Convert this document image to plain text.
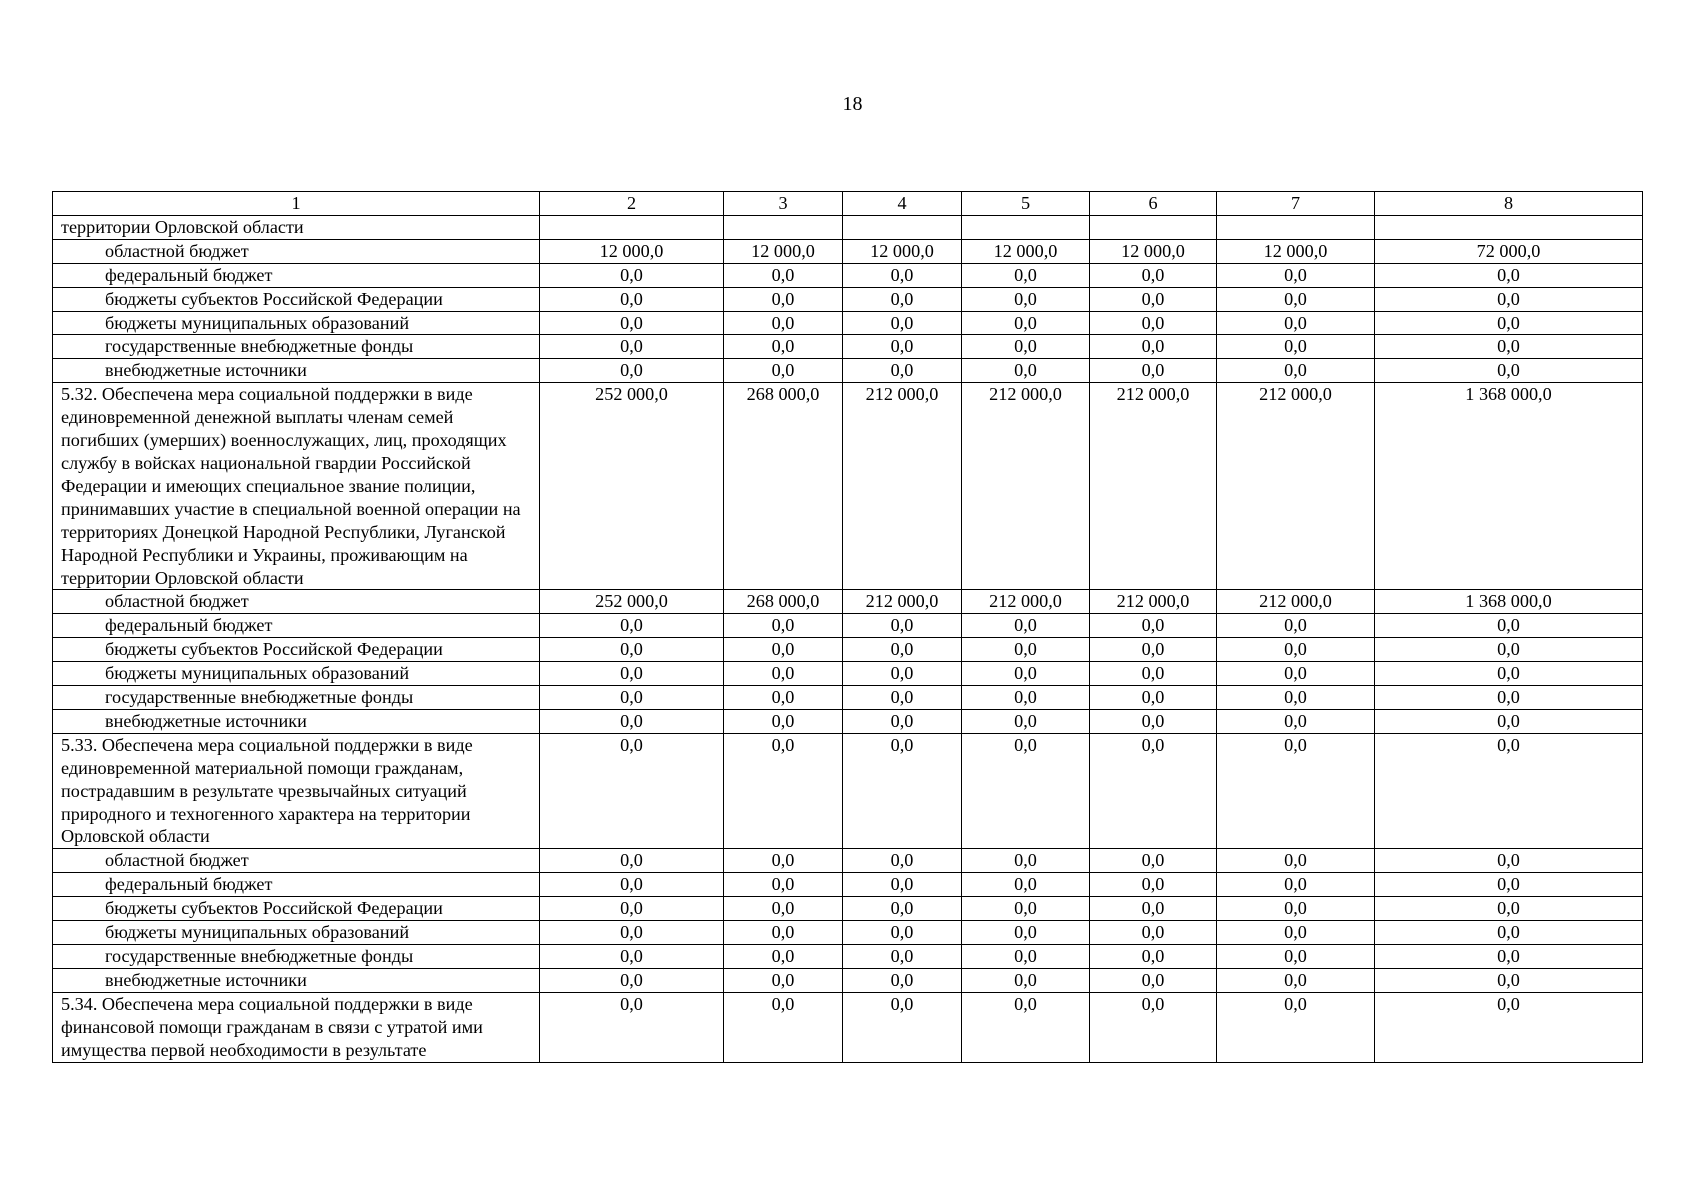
18
1	2	3	4	5	6	7	8
территории Орловской области							
областной бюджет	12 000,0	12 000,0	12 000,0	12 000,0	12 000,0	12 000,0	72 000,0
федеральный бюджет	0,0	0,0	0,0	0,0	0,0	0,0	0,0
бюджеты субъектов Российской Федерации	0,0	0,0	0,0	0,0	0,0	0,0	0,0
бюджеты муниципальных образований	0,0	0,0	0,0	0,0	0,0	0,0	0,0
государственные внебюджетные фонды	0,0	0,0	0,0	0,0	0,0	0,0	0,0
внебюджетные источники	0,0	0,0	0,0	0,0	0,0	0,0	0,0
5.32. Обеспечена мера социальной поддержки в виде единовременной денежной выплаты членам семей погибших (умерших) военнослужащих, лиц, проходящих службу в войсках национальной гвардии Российской Федерации и имеющих специальное звание полиции, принимавших участие в специальной военной операции на территориях Донецкой Народной Республики, Луганской Народной Республики и Украины, проживающим на территории Орловской области	252 000,0	268 000,0	212 000,0	212 000,0	212 000,0	212 000,0	1 368 000,0
областной бюджет	252 000,0	268 000,0	212 000,0	212 000,0	212 000,0	212 000,0	1 368 000,0
федеральный бюджет	0,0	0,0	0,0	0,0	0,0	0,0	0,0
бюджеты субъектов Российской Федерации	0,0	0,0	0,0	0,0	0,0	0,0	0,0
бюджеты муниципальных образований	0,0	0,0	0,0	0,0	0,0	0,0	0,0
государственные внебюджетные фонды	0,0	0,0	0,0	0,0	0,0	0,0	0,0
внебюджетные источники	0,0	0,0	0,0	0,0	0,0	0,0	0,0
5.33. Обеспечена мера социальной поддержки в виде единовременной материальной помощи гражданам, пострадавшим в результате чрезвычайных ситуаций природного и техногенного характера на территории Орловской области	0,0	0,0	0,0	0,0	0,0	0,0	0,0
областной бюджет	0,0	0,0	0,0	0,0	0,0	0,0	0,0
федеральный бюджет	0,0	0,0	0,0	0,0	0,0	0,0	0,0
бюджеты субъектов Российской Федерации	0,0	0,0	0,0	0,0	0,0	0,0	0,0
бюджеты муниципальных образований	0,0	0,0	0,0	0,0	0,0	0,0	0,0
государственные внебюджетные фонды	0,0	0,0	0,0	0,0	0,0	0,0	0,0
внебюджетные источники	0,0	0,0	0,0	0,0	0,0	0,0	0,0
5.34. Обеспечена мера социальной поддержки в виде финансовой помощи гражданам в связи с утратой ими имущества первой необходимости в результате	0,0	0,0	0,0	0,0	0,0	0,0	0,0
